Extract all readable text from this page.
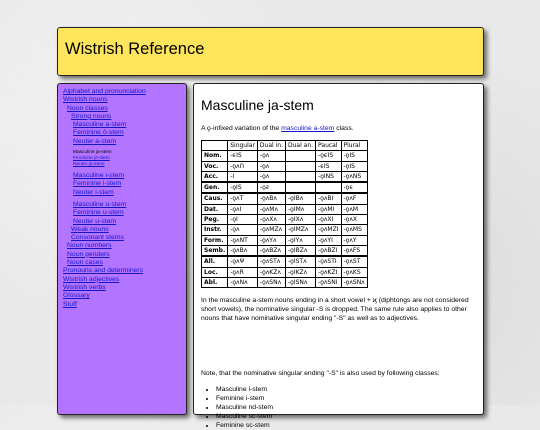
Wistrish Reference
Alphabet and pronunciation
Wistrish nouns
Noun classes
Strong nouns
Masculine a-stem
Feminine ō-stem
Neuter a-stem
Masculine ja-stem
Feminine jō-stem
Neuter ja-stem
Masculine i-stem
Feminine i-stem
Neuter i-stem
Masculine u-stem
Feminine u-stem
Neuter u-stem
Weak nouns
Consonant stems
Noun numbers
Noun genders
Noun cases
Pronouns and determiners
Wistrish adjectives
Wistrish verbs
Glossary
Stuff
Masculine ja-stem

A ϙ-infixed variation of the masculine a-stem class.

	Singular	Dual in.	Dual an.	Paucal	Plural
Nom.	-ϵIS	-ϙʌ		-ϙϵIS	-ϙIS
Voc.	-ϙʌՈ	-ϙʌ		-ϵIS	-ϙIS
Acc.	-I	-ϙʌ		-ϙINS	-ϙʌNS
Gen.	-ϙIS	-ϙƨ			-ϙϵ
Caus.	-ϙʌT	-ϙʌBʌ	-ϙIBʌ	-ϙʌBI	-ϙʌϜ
Dat.	-ϙʌI	-ϙʌMʌ	-ϙIMʌ	-ϙʌMI	-ϙʌM
Peg.	-ϙI	-ϙʌXʌ	-ϙIXʌ	-ϙʌXI	-ϙʌX
Instr.	-ϙʌ	-ϙʌMZʌ	-ϙIMZʌ	-ϙʌMZI	-ϙʌMS
Form.	-ϙʌNT	-ϙʌYʌ	-ϙIYʌ	-ϙʌYI	-ϙʌY
Semb.	-ϙʌBʌ	-ϙʌBZʌ	-ϙIBZʌ	-ϙʌBZI	-ϙʌϜS
All.	-ϙʌΨ	-ϙʌSTʌ	-ϙISTʌ	-ϙʌSTI	-ϙʌST
Loc.	-ϙʌR	-ϙʌKZʌ	-ϙIKZʌ	-ϙʌKZI	-ϙʌKS
Abl.	-ϙʌNʌ	-ϙʌSNʌ	-ϙISNʌ	-ϙʌSNI	-ϙʌSNʌ

In the masculine a-stem nouns ending in a short vowel + ϗ (diphtongs are not considered short vowels), the nominative singular -S is dropped. The same rule also applies to other nouns that have nominative singular ending "-S" as well as to adjectives.

Note, that the nominative singular ending "-S" is also used by following classes:

• Masculine i-stem
• Feminine i-stem
• Masculine nd-stem
• Masculine sc-stem
• Feminine sc-stem
